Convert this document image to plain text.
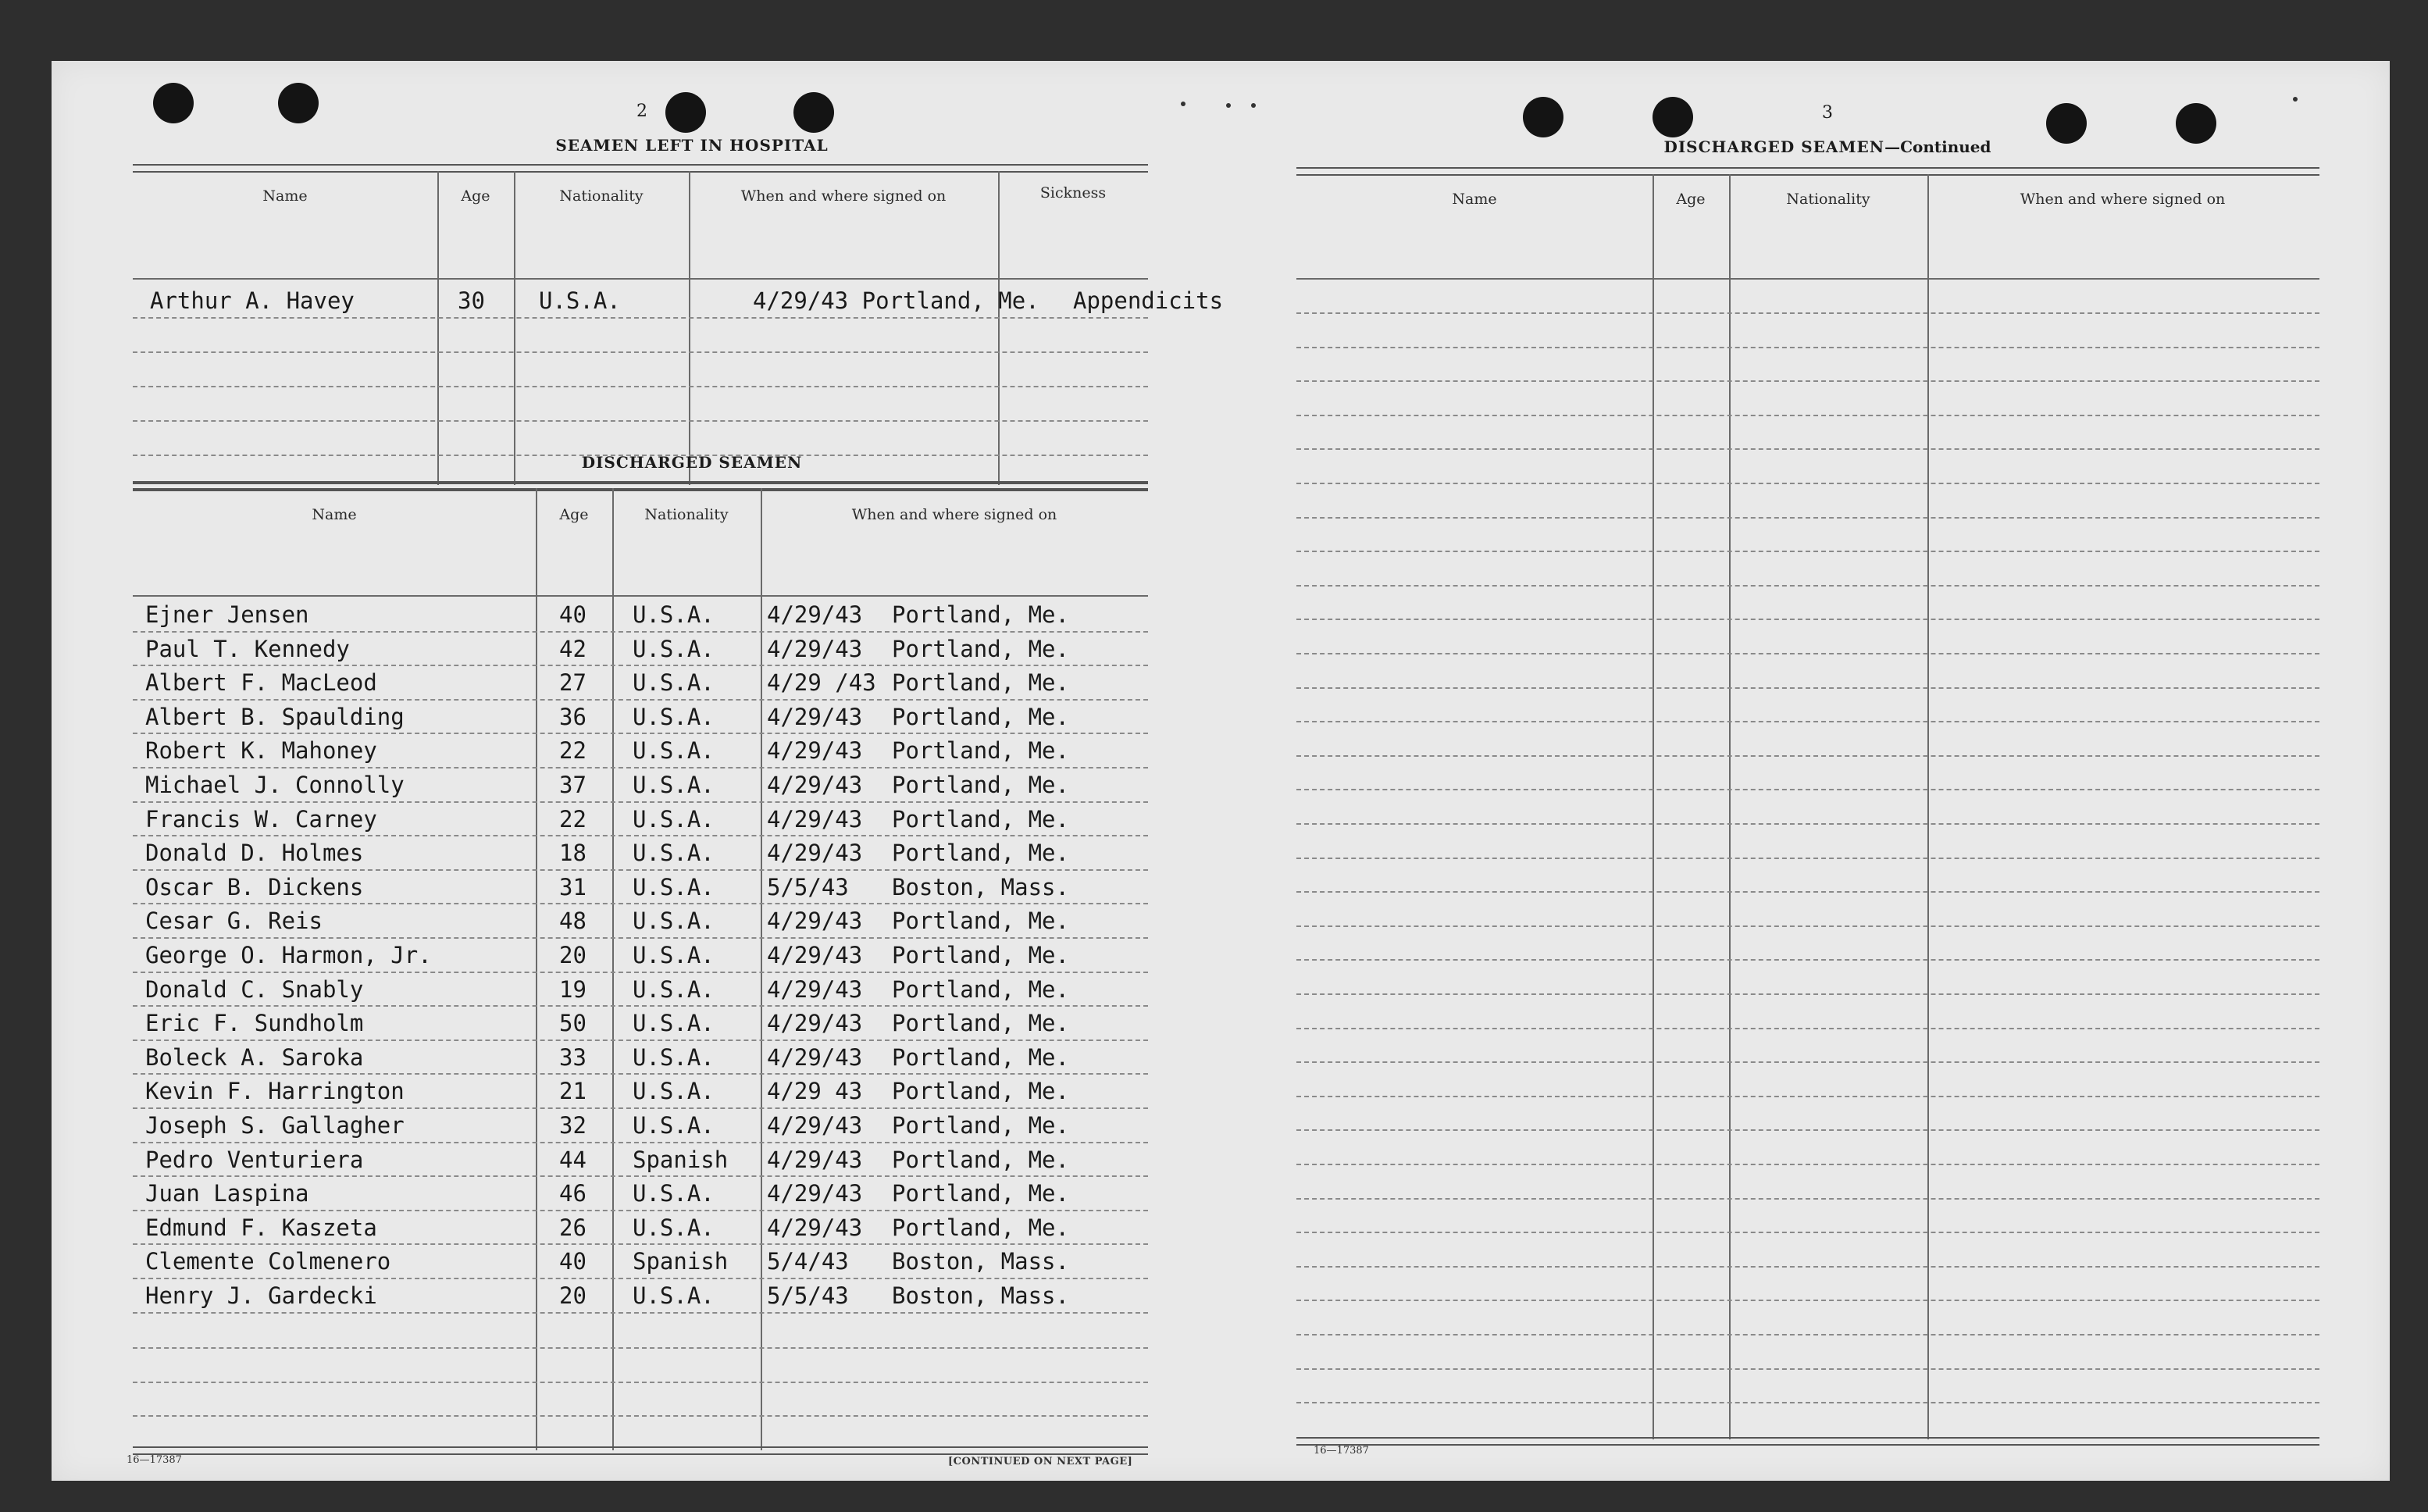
2
SEAMEN LEFT IN HOSPITAL
Name	Age	Nationality	When and where signed on	Sickness
Arthur A. Havey	30 U.S.A.	4/29/43 Portland, Me. Appendicits
DISCHARGED SEAMEN
Name	Age	Nationality	When and where signed on
Ejner Jensen	40 U.S.A. 4/29/43 Portland, Me.
Paul T. Kennedy	42 U.S.A. 4/29/43 Portland, Me.
Albert F. MacLeod	27 U.S.A. 4/29 /43 Portland, Me.
Albert B. Spaulding	36 U.S.A. 4/29/43 Portland, Me.
Robert K. Mahoney	22 U.S.A. 4/29/43 Portland, Me.
Michael J. Connolly	37 U.S.A. 4/29/43 Portland, Me.
Francis W. Carney	22 U.S.A. 4/29/43 Portland, Me.
Donald D. Holmes	18 U.S.A. 4/29/43 Portland, Me.
Oscar B. Dickens	31 U.S.A. 5/5/43 Boston, Mass.
Cesar G. Reis	48 U.S.A. 4/29/43 Portland, Me.
George O. Harmon, Jr.	20 U.S.A. 4/29/43 Portland, Me.
Donald C. Snably	19 U.S.A. 4/29/43 Portland, Me.
Eric F. Sundholm	50 U.S.A. 4/29/43 Portland, Me.
Boleck A. Saroka	33 U.S.A. 4/29/43 Portland, Me.
Kevin F. Harrington	21 U.S.A. 4/29 43 Portland, Me.
Joseph S. Gallagher	32 U.S.A. 4/29/43 Portland, Me.
Pedro Venturiera	44 Spanish 4/29/43 Portland, Me.
Juan Laspina	46 U.S.A. 4/29/43 Portland, Me.
Edmund F. Kaszeta	26 U.S.A. 4/29/43 Portland, Me.
Clemente Colmenero	40 Spanish 5/4/43 Boston, Mass.
Henry J. Gardecki	20 U.S.A. 5/5/43 Boston, Mass.
16—17387	[CONTINUED ON NEXT PAGE]
3
DISCHARGED SEAMEN—Continued
Name	Age	Nationality	When and where signed on
16—17387
